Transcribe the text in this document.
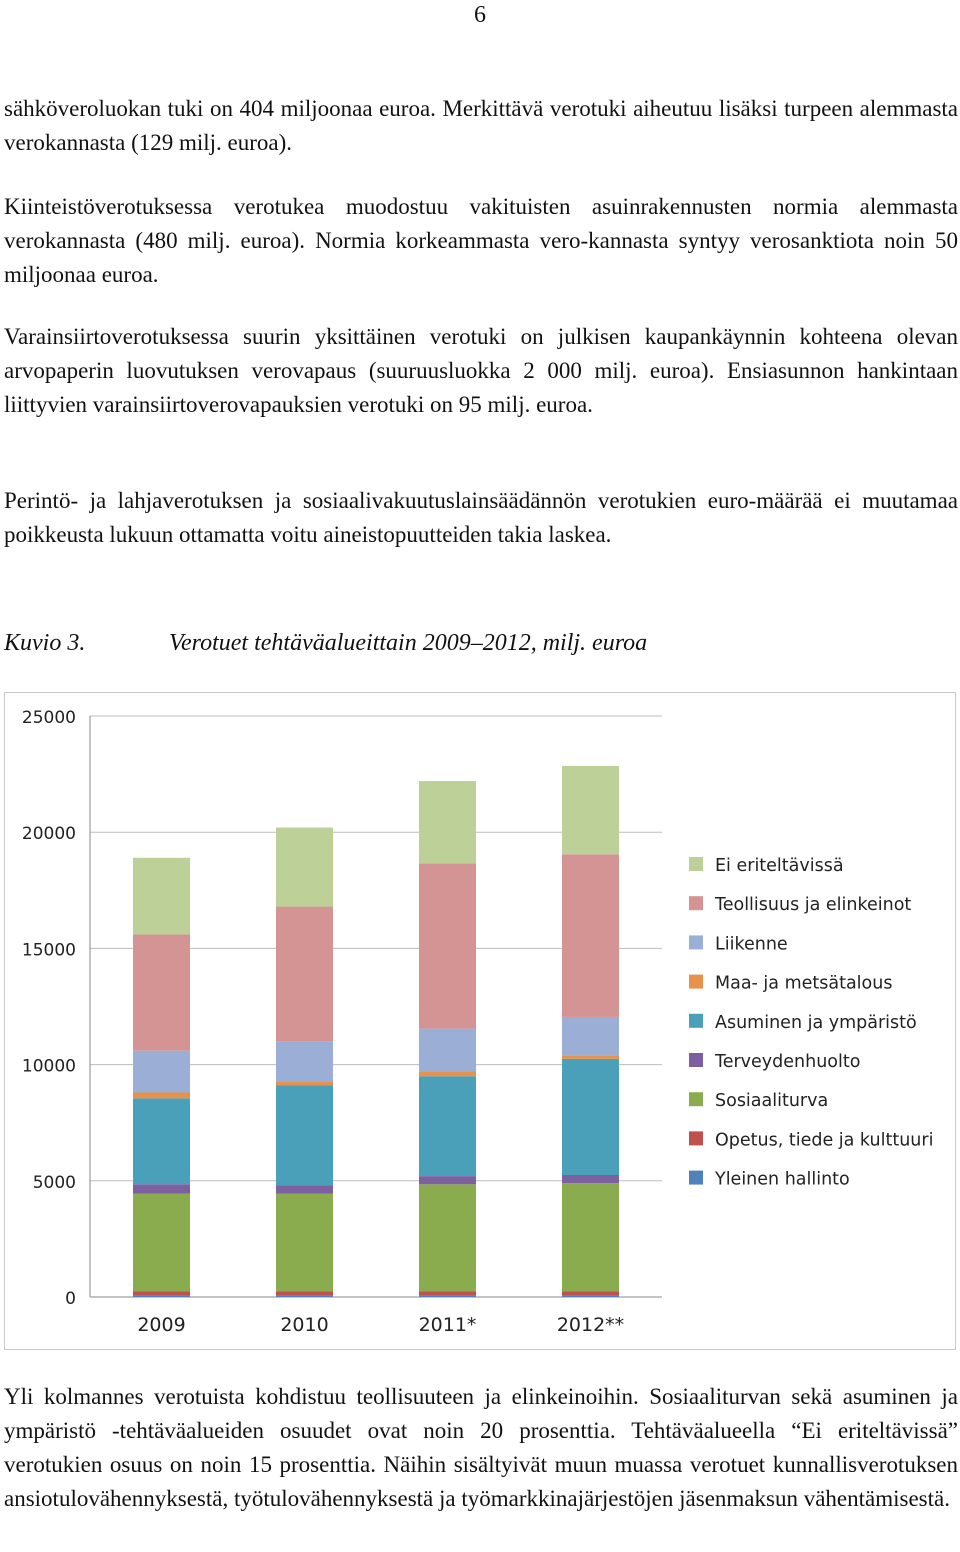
6

sähköveroluokan tuki on 404 miljoonaa euroa. Merkittävä verotuki aiheutuu lisäksi turpeen alemmasta verokannasta (129 milj. euroa).

Kiinteistöverotuksessa verotukea muodostuu vakituisten asuinrakennusten normia alemmasta verokannasta (480 milj. euroa). Normia korkeammasta vero-kannasta syntyy verosanktiota noin 50 miljoonaa euroa.

Varainsiirtoverotuksessa suurin yksittäinen verotuki on julkisen kaupankäynnin kohteena olevan arvopaperin luovutuksen verovapaus (suuruusluokka 2 000 milj. euroa). Ensiasunnon hankintaan liittyvien varainsiirtoverovapauksien verotuki on 95 milj. euroa.

Perintö- ja lahjaverotuksen ja sosiaalivakuutuslainsäädännön verotukien euro-määrää ei muutamaa poikkeusta lukuun ottamatta voitu aineistopuutteiden takia laskea.

Kuvio 3.	Verotuet tehtäväalueittain 2009–2012, milj. euroa
0
5000
10000
15000
20000
25000
2009	2010	2011*	2012**
Ei eriteltävissä
Teollisuus ja elinkeinot
Liikenne
Maa- ja metsätalous
Asuminen ja ympäristö
Terveydenhuolto
Sosiaaliturva
Opetus, tiede ja kulttuuri
Yleinen hallinto

Yli kolmannes verotuista kohdistuu teollisuuteen ja elinkeinoihin. Sosiaaliturvan sekä asuminen ja ympäristö -tehtäväalueiden osuudet ovat noin 20 prosenttia. Tehtäväalueella “Ei eriteltävissä” verotukien osuus on noin 15 prosenttia. Näihin sisältyivät muun muassa verotuet kunnallisverotuksen ansiotulovähennyksestä, työtulovähennyksestä ja työmarkkinajärjestöjen jäsenmaksun vähentämisestä.
